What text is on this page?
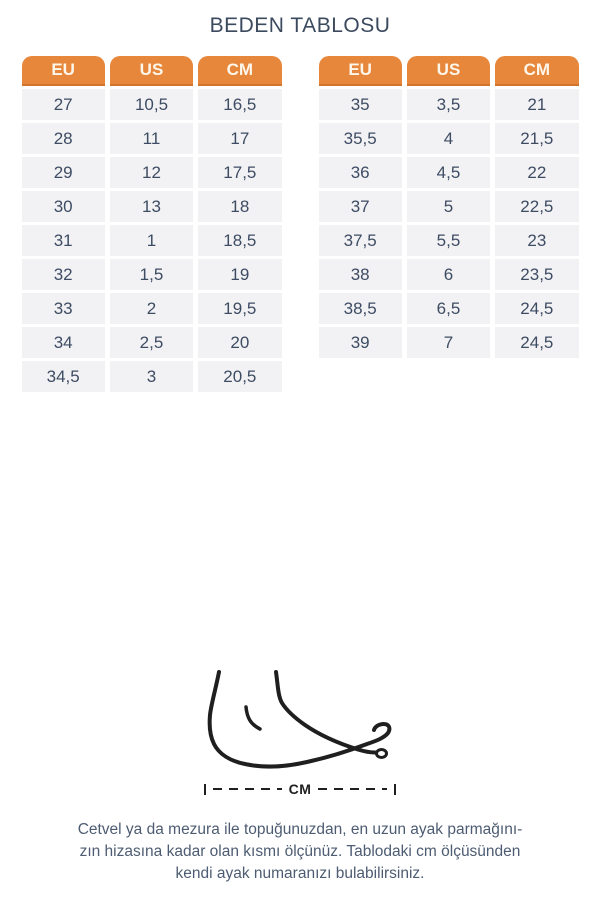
BEDEN TABLOSU
EU	US	CM
27	10,5	16,5
28	11	17
29	12	17,5
30	13	18
31	1	18,5
32	1,5	19
33	2	19,5
34	2,5	20
34,5	3	20,5
EU	US	CM
35	3,5	21
35,5	4	21,5
36	4,5	22
37	5	22,5
37,5	5,5	23
38	6	23,5
38,5	6,5	24,5
39	7	24,5
CM

Cetvel ya da mezura ile topuğunuzdan, en uzun ayak parmağını-
zın hizasına kadar olan kısmı ölçünüz. Tablodaki cm ölçüsünden
kendi ayak numaranızı bulabilirsiniz.
